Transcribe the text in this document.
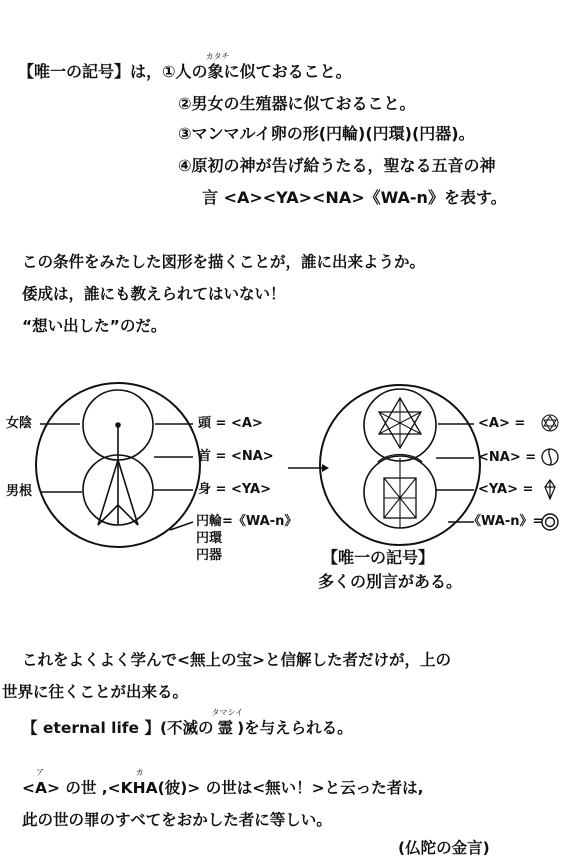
【唯一の記号】は，①人の象
カタチ
に似ておること。
②男女の生殖器に似ておること。
③マンマルイ卵の形(円輪)(円環)(円器)。
④原初の神が告げ給うたる，聖なる五音の神
言 <A><YA><NA>《WA-n》を表す。
この条件をみたした図形を描くことが，誰に出来ようか。
倭成は，誰にも教えられてはいない！
“想い出した”のだ。
女陰
男根
頭 = <A>
首 = <NA>
身 = <YA>
円輪=《WA-n》
円環
円器
<A> =
<NA> =
<YA> =
《WA-n》=
【唯一の記号】
多くの別言がある。
これをよくよく学んで<無上の宝>と信解した者だけが，上の
世界に往くことが出来る。
【 eternal life 】(不滅の 霊
タマシイ
)を与えられる。
<A
ア
> の世 ,<KHA
カ
(彼)> の世は<無い！>と云った者は,
此の世の罪のすべてをおかした者に等しい。
(仏陀の金言)
